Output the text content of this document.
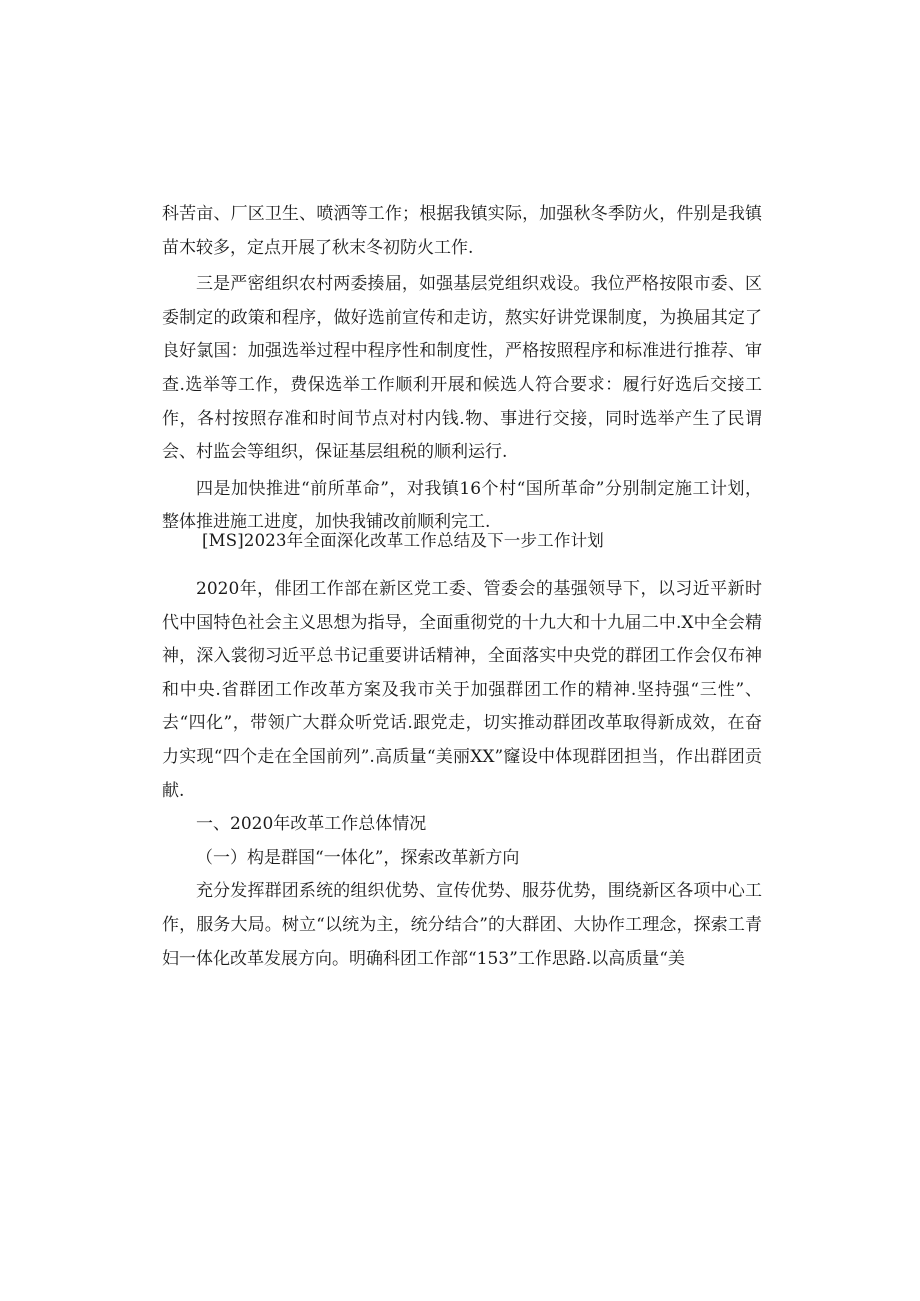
科苦亩、厂区卫生、喷洒等工作；根据我镇实际，加强秋冬季防火，件别是我镇苗木较多，定点开展了秋末冬初防火工作.

三是严密组织农村两委揍届，如强基层党组织戏设。我位严格按限市委、区委制定的政策和程序，做好选前宣传和走访，熬实好讲党课制度，为换届其定了良好氯国：加强选举过程中程序性和制度性，严格按照程序和标准进行推荐、审查.选举等工作，费保选举工作顺利开展和候选人符合要求：履行好选后交接工作，各村按照存准和时间节点对村内钱.物、事进行交接，同时选举产生了民谓会、村监会等组织，保证基层组税的顺利运行.

四是加快推进“前所革命”，对我镇16个村“国所革命”分别制定施工计划，整体推进施工进度，加快我铺改前顺利完工.

[MS]2023年全面深化改革工作总结及下一步工作计划

2020年，俳团工作部在新区党工委、管委会的基强领导下，以习近平新时代中国特色社会主义思想为指导，全面重彻党的十九大和十九届二中.X中全会精神，深入裳彻习近平总书记重要讲话精神，全面落实中央党的群团工作会仅布神和中央.省群团工作改革方案及我市关于加强群团工作的精神.坚持强“三性”、去“四化”，带领广大群众听党话.跟党走，切实推动群团改革取得新成效，在奋力实现“四个走在全国前列”.高质量“美丽XX”窿设中体现群团担当，作出群团贡献.

一、2020年改革工作总体情况

（一）构是群国“一体化”，探索改革新方向

充分发挥群团系统的组织优势、宣传优势、服芬优势，围绕新区各项中心工作，服务大局。树立“以统为主，统分结合”的大群团、大协作工理念，探索工青妇一体化改革发展方向。明确科团工作部“153”工作思路.以高质量“美
